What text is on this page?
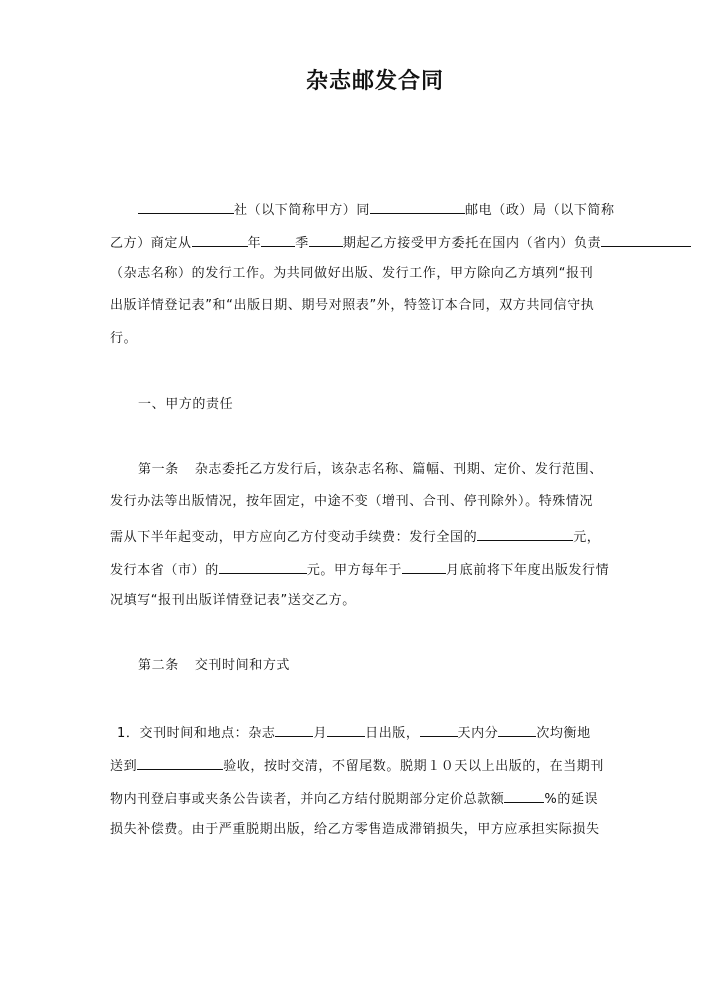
杂志邮发合同
社（以下简称甲方）同	邮电（政）局（以下简称
乙方）商定从	年	季	期起乙方接受甲方委托在国内（省内）负责
（杂志名称）的发行工作。为共同做好出版、发行工作，甲方除向乙方填列“报刊
出版详情登记表”和“出版日期、期号对照表”外，特签订本合同，双方共同信守执
行。
一、甲方的责任
第一条 杂志委托乙方发行后，该杂志名称、篇幅、刊期、定价、发行范围、
发行办法等出版情况，按年固定，中途不变（增刊、合刊、停刊除外）。特殊情况
需从下半年起变动，甲方应向乙方付变动手续费：发行全国的	元，
发行本省（市）的	元。甲方每年于	月底前将下年度出版发行情
况填写“报刊出版详情登记表”送交乙方。
第二条 交刊时间和方式
1．交刊时间和地点：杂志	月	日出版，	天内分	次均衡地
送到	验收，按时交清，不留尾数。脱期１０天以上出版的，在当期刊
物内刊登启事或夹条公告读者，并向乙方结付脱期部分定价总款额	%的延误
损失补偿费。由于严重脱期出版，给乙方零售造成滞销损失，甲方应承担实际损失
